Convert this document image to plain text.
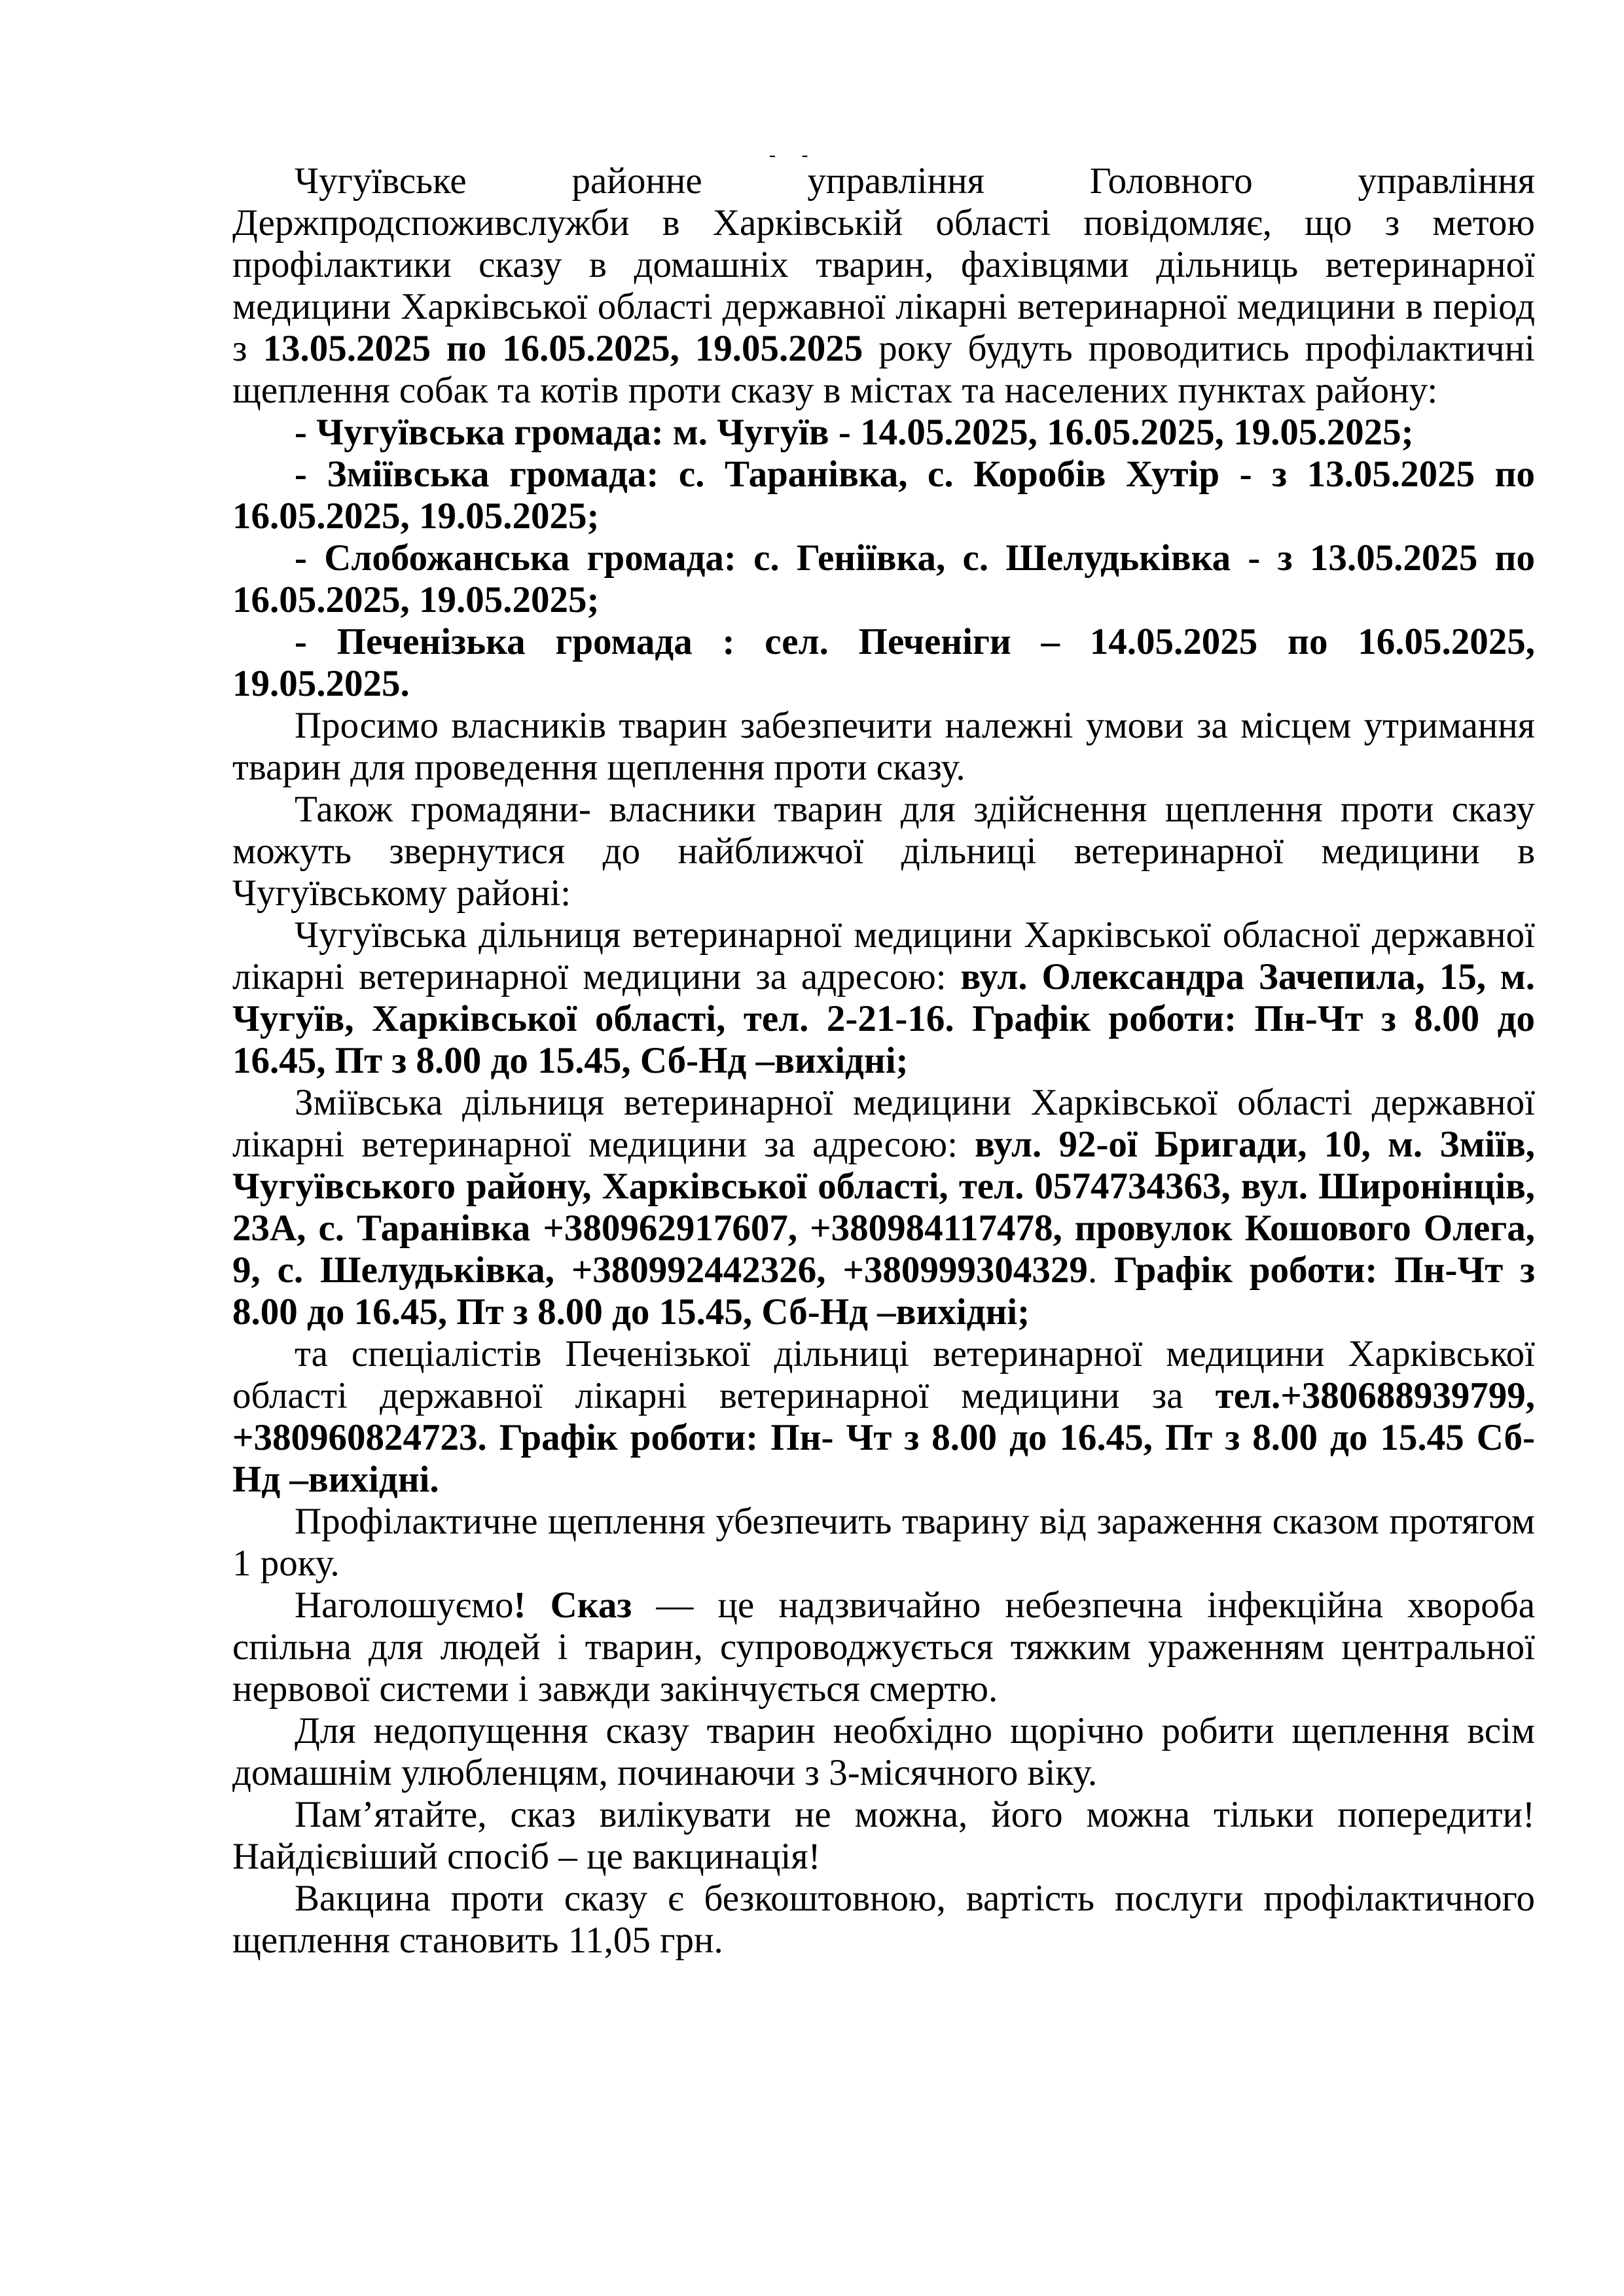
- -

Чугуївське районне управління Головного управління Держпродспоживслужби в Харківській області повідомляє, що з метою профілактики сказу в домашніх тварин, фахівцями дільниць ветеринарної медицини Харківської області державної лікарні ветеринарної медицини в період з 13.05.2025 по 16.05.2025, 19.05.2025 року будуть проводитись профілактичні щеплення собак та котів проти сказу в містах та населених пунктах району:

- Чугуївська громада: м. Чугуїв - 14.05.2025, 16.05.2025, 19.05.2025;

- Зміївська громада: с. Таранівка, с. Коробів Хутір - з 13.05.2025 по 16.05.2025, 19.05.2025;

- Слобожанська громада: с. Геніївка, с. Шелудьківка - з 13.05.2025 по 16.05.2025, 19.05.2025;

- Печенізька громада : сел. Печеніги – 14.05.2025 по 16.05.2025, 19.05.2025.

Просимо власників тварин забезпечити належні умови за місцем утримання тварин для проведення щеплення проти сказу.

Також громадяни- власники тварин для здійснення щеплення проти сказу можуть звернутися до найближчої дільниці ветеринарної медицини в Чугуївському районі:

Чугуївська дільниця ветеринарної медицини Харківської обласної державної лікарні ветеринарної медицини за адресою: вул. Олександра Зачепила, 15, м. Чугуїв, Харківської області, тел. 2-21-16. Графік роботи: Пн-Чт з 8.00 до 16.45, Пт з 8.00 до 15.45, Сб-Нд –вихідні;

Зміївська дільниця ветеринарної медицини Харківської області державної лікарні ветеринарної медицини за адресою: вул. 92-ої Бригади, 10, м. Зміїв, Чугуївського району, Харківської області, тел. 0574734363, вул. Широнінців, 23А, с. Таранівка +380962917607, +380984117478, провулок Кошового Олега, 9, с. Шелудьківка, +380992442326, +380999304329. Графік роботи: Пн-Чт з 8.00 до 16.45, Пт з 8.00 до 15.45, Сб-Нд –вихідні;

та спеціалістів Печенізької дільниці ветеринарної медицини Харківської області державної лікарні ветеринарної медицини за тел.+380688939799, +380960824723. Графік роботи: Пн- Чт з 8.00 до 16.45, Пт з 8.00 до 15.45 Сб-Нд –вихідні.

Профілактичне щеплення убезпечить тварину від зараження сказом протягом 1 року.

Наголошуємо! Сказ — це надзвичайно небезпечна інфекційна хвороба спільна для людей і тварин, супроводжується тяжким ураженням центральної нервової системи і завжди закінчується смертю.

Для недопущення сказу тварин необхідно щорічно робити щеплення всім домашнім улюбленцям, починаючи з 3-місячного віку.

Пам’ятайте, сказ вилікувати не можна, його можна тільки попередити! Найдієвіший спосіб – це вакцинація!

Вакцина проти сказу є безкоштовною, вартість послуги профілактичного щеплення становить 11,05 грн.
